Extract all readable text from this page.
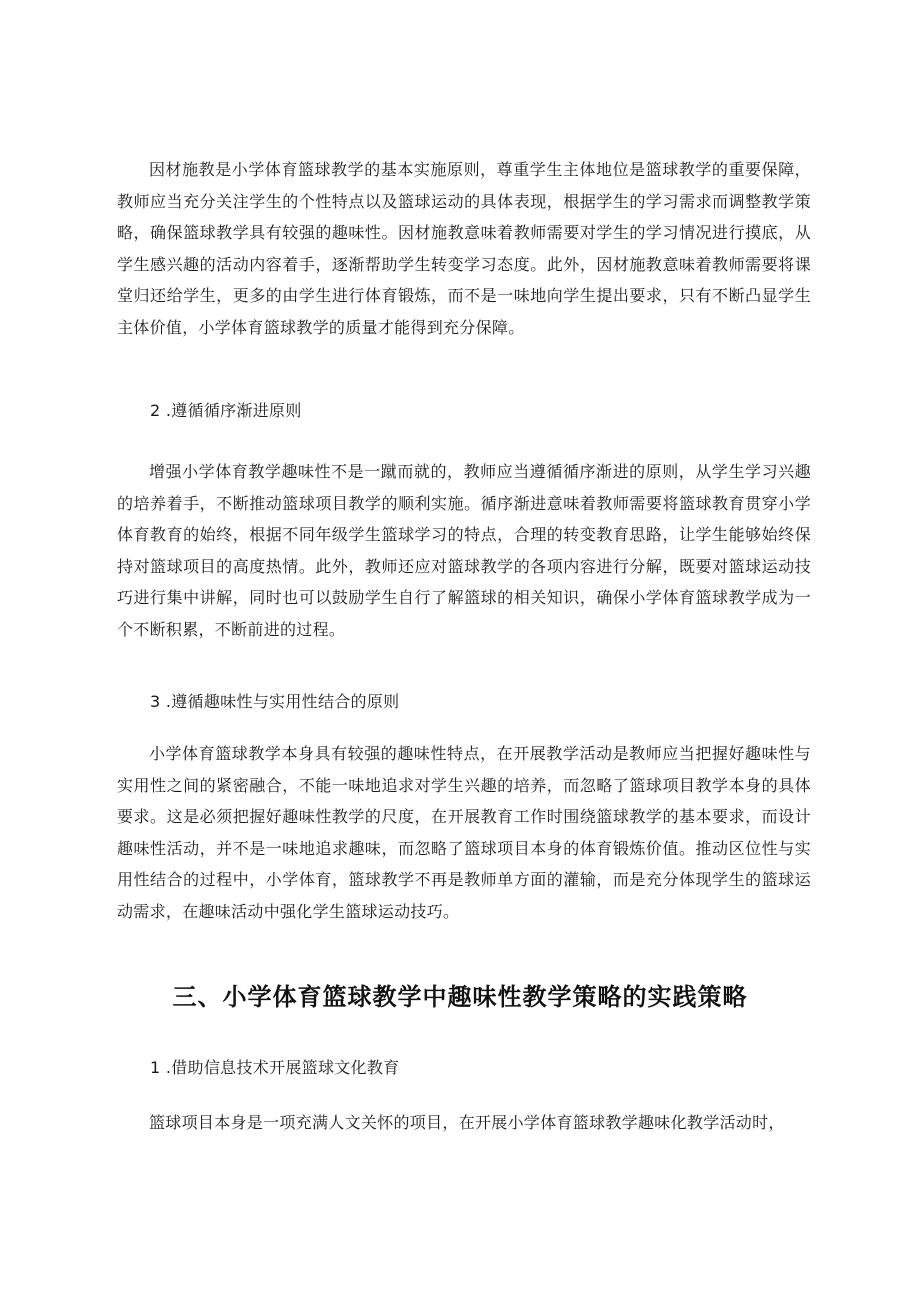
因材施教是小学体育篮球教学的基本实施原则，尊重学生主体地位是篮球教学的重要保障，教师应当充分关注学生的个性特点以及篮球运动的具体表现，根据学生的学习需求而调整教学策略，确保篮球教学具有较强的趣味性。因材施教意味着教师需要对学生的学习情况进行摸底，从学生感兴趣的活动内容着手，逐渐帮助学生转变学习态度。此外，因材施教意味着教师需要将课堂归还给学生，更多的由学生进行体育锻炼，而不是一味地向学生提出要求，只有不断凸显学生主体价值，小学体育篮球教学的质量才能得到充分保障。

2 .遵循循序渐进原则

增强小学体育教学趣味性不是一蹴而就的，教师应当遵循循序渐进的原则，从学生学习兴趣的培养着手，不断推动篮球项目教学的顺利实施。循序渐进意味着教师需要将篮球教育贯穿小学体育教育的始终，根据不同年级学生篮球学习的特点，合理的转变教育思路，让学生能够始终保持对篮球项目的高度热情。此外，教师还应对篮球教学的各项内容进行分解，既要对篮球运动技巧进行集中讲解，同时也可以鼓励学生自行了解篮球的相关知识，确保小学体育篮球教学成为一个不断积累，不断前进的过程。

3 .遵循趣味性与实用性结合的原则

小学体育篮球教学本身具有较强的趣味性特点，在开展教学活动是教师应当把握好趣味性与实用性之间的紧密融合，不能一味地追求对学生兴趣的培养，而忽略了篮球项目教学本身的具体要求。这是必须把握好趣味性教学的尺度，在开展教育工作时围绕篮球教学的基本要求，而设计趣味性活动，并不是一味地追求趣味，而忽略了篮球项目本身的体育锻炼价值。推动区位性与实用性结合的过程中，小学体育，篮球教学不再是教师单方面的灌输，而是充分体现学生的篮球运动需求，在趣味活动中强化学生篮球运动技巧。

三、小学体育篮球教学中趣味性教学策略的实践策略

1 .借助信息技术开展篮球文化教育

篮球项目本身是一项充满人文关怀的项目，在开展小学体育篮球教学趣味化教学活动时，
